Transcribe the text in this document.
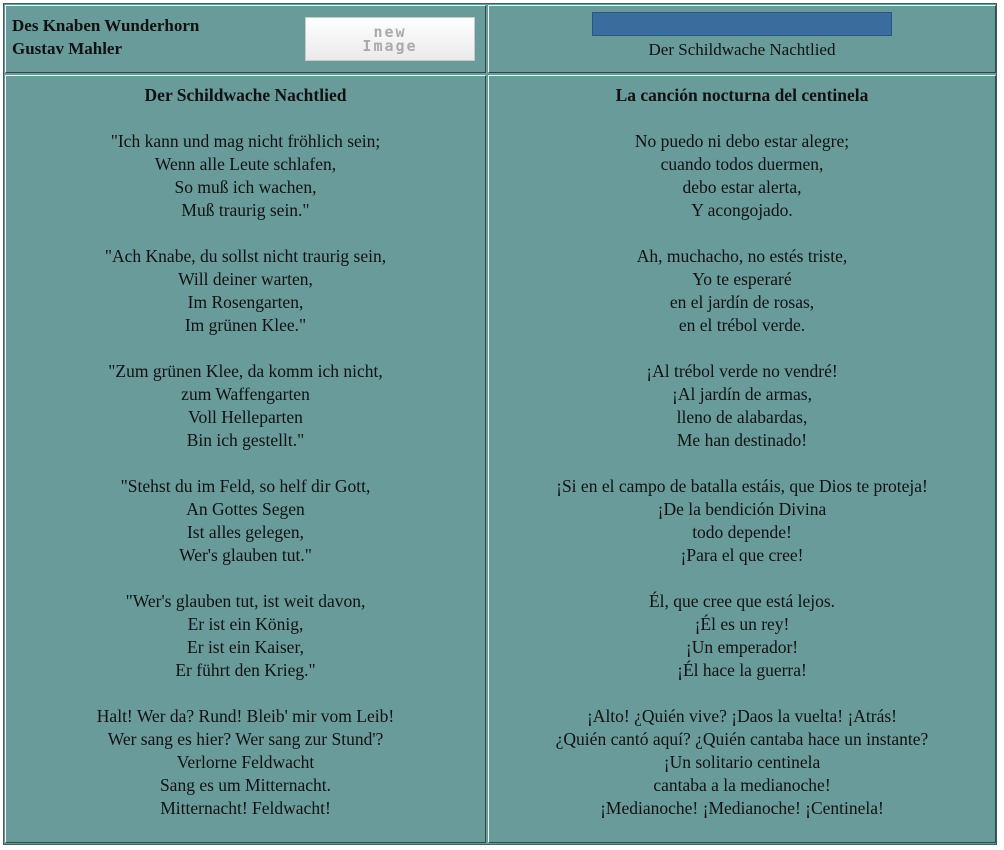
Des Knaben Wunderhorn
Gustav Mahler
new
Image	Der Schildwache Nachtlied
Der Schildwache Nachtlied
"Ich kann und mag nicht fröhlich sein;
Wenn alle Leute schlafen,
So muß ich wachen,
Muß traurig sein."
"Ach Knabe, du sollst nicht traurig sein,
Will deiner warten,
Im Rosengarten,
Im grünen Klee."
"Zum grünen Klee, da komm ich nicht,
zum Waffengarten
Voll Helleparten
Bin ich gestellt."
"Stehst du im Feld, so helf dir Gott,
An Gottes Segen
Ist alles gelegen,
Wer's glauben tut."
"Wer's glauben tut, ist weit davon,
Er ist ein König,
Er ist ein Kaiser,
Er führt den Krieg."
Halt! Wer da? Rund! Bleib' mir vom Leib!
Wer sang es hier? Wer sang zur Stund'?
Verlorne Feldwacht
Sang es um Mitternacht.
Mitternacht! Feldwacht!
La canción nocturna del centinela
No puedo ni debo estar alegre;
cuando todos duermen,
debo estar alerta,
Y acongojado.
Ah, muchacho, no estés triste,
Yo te esperaré
en el jardín de rosas,
en el trébol verde.
¡Al trébol verde no vendré!
¡Al jardín de armas,
lleno de alabardas,
Me han destinado!
¡Si en el campo de batalla estáis, que Dios te proteja!
¡De la bendición Divina
todo depende!
¡Para el que cree!
Él, que cree que está lejos.
¡Él es un rey!
¡Un emperador!
¡Él hace la guerra!
¡Alto! ¿Quién vive? ¡Daos la vuelta! ¡Atrás!
¿Quién cantó aquí? ¿Quién cantaba hace un instante?
¡Un solitario centinela
cantaba a la medianoche!
¡Medianoche! ¡Medianoche! ¡Centinela!
